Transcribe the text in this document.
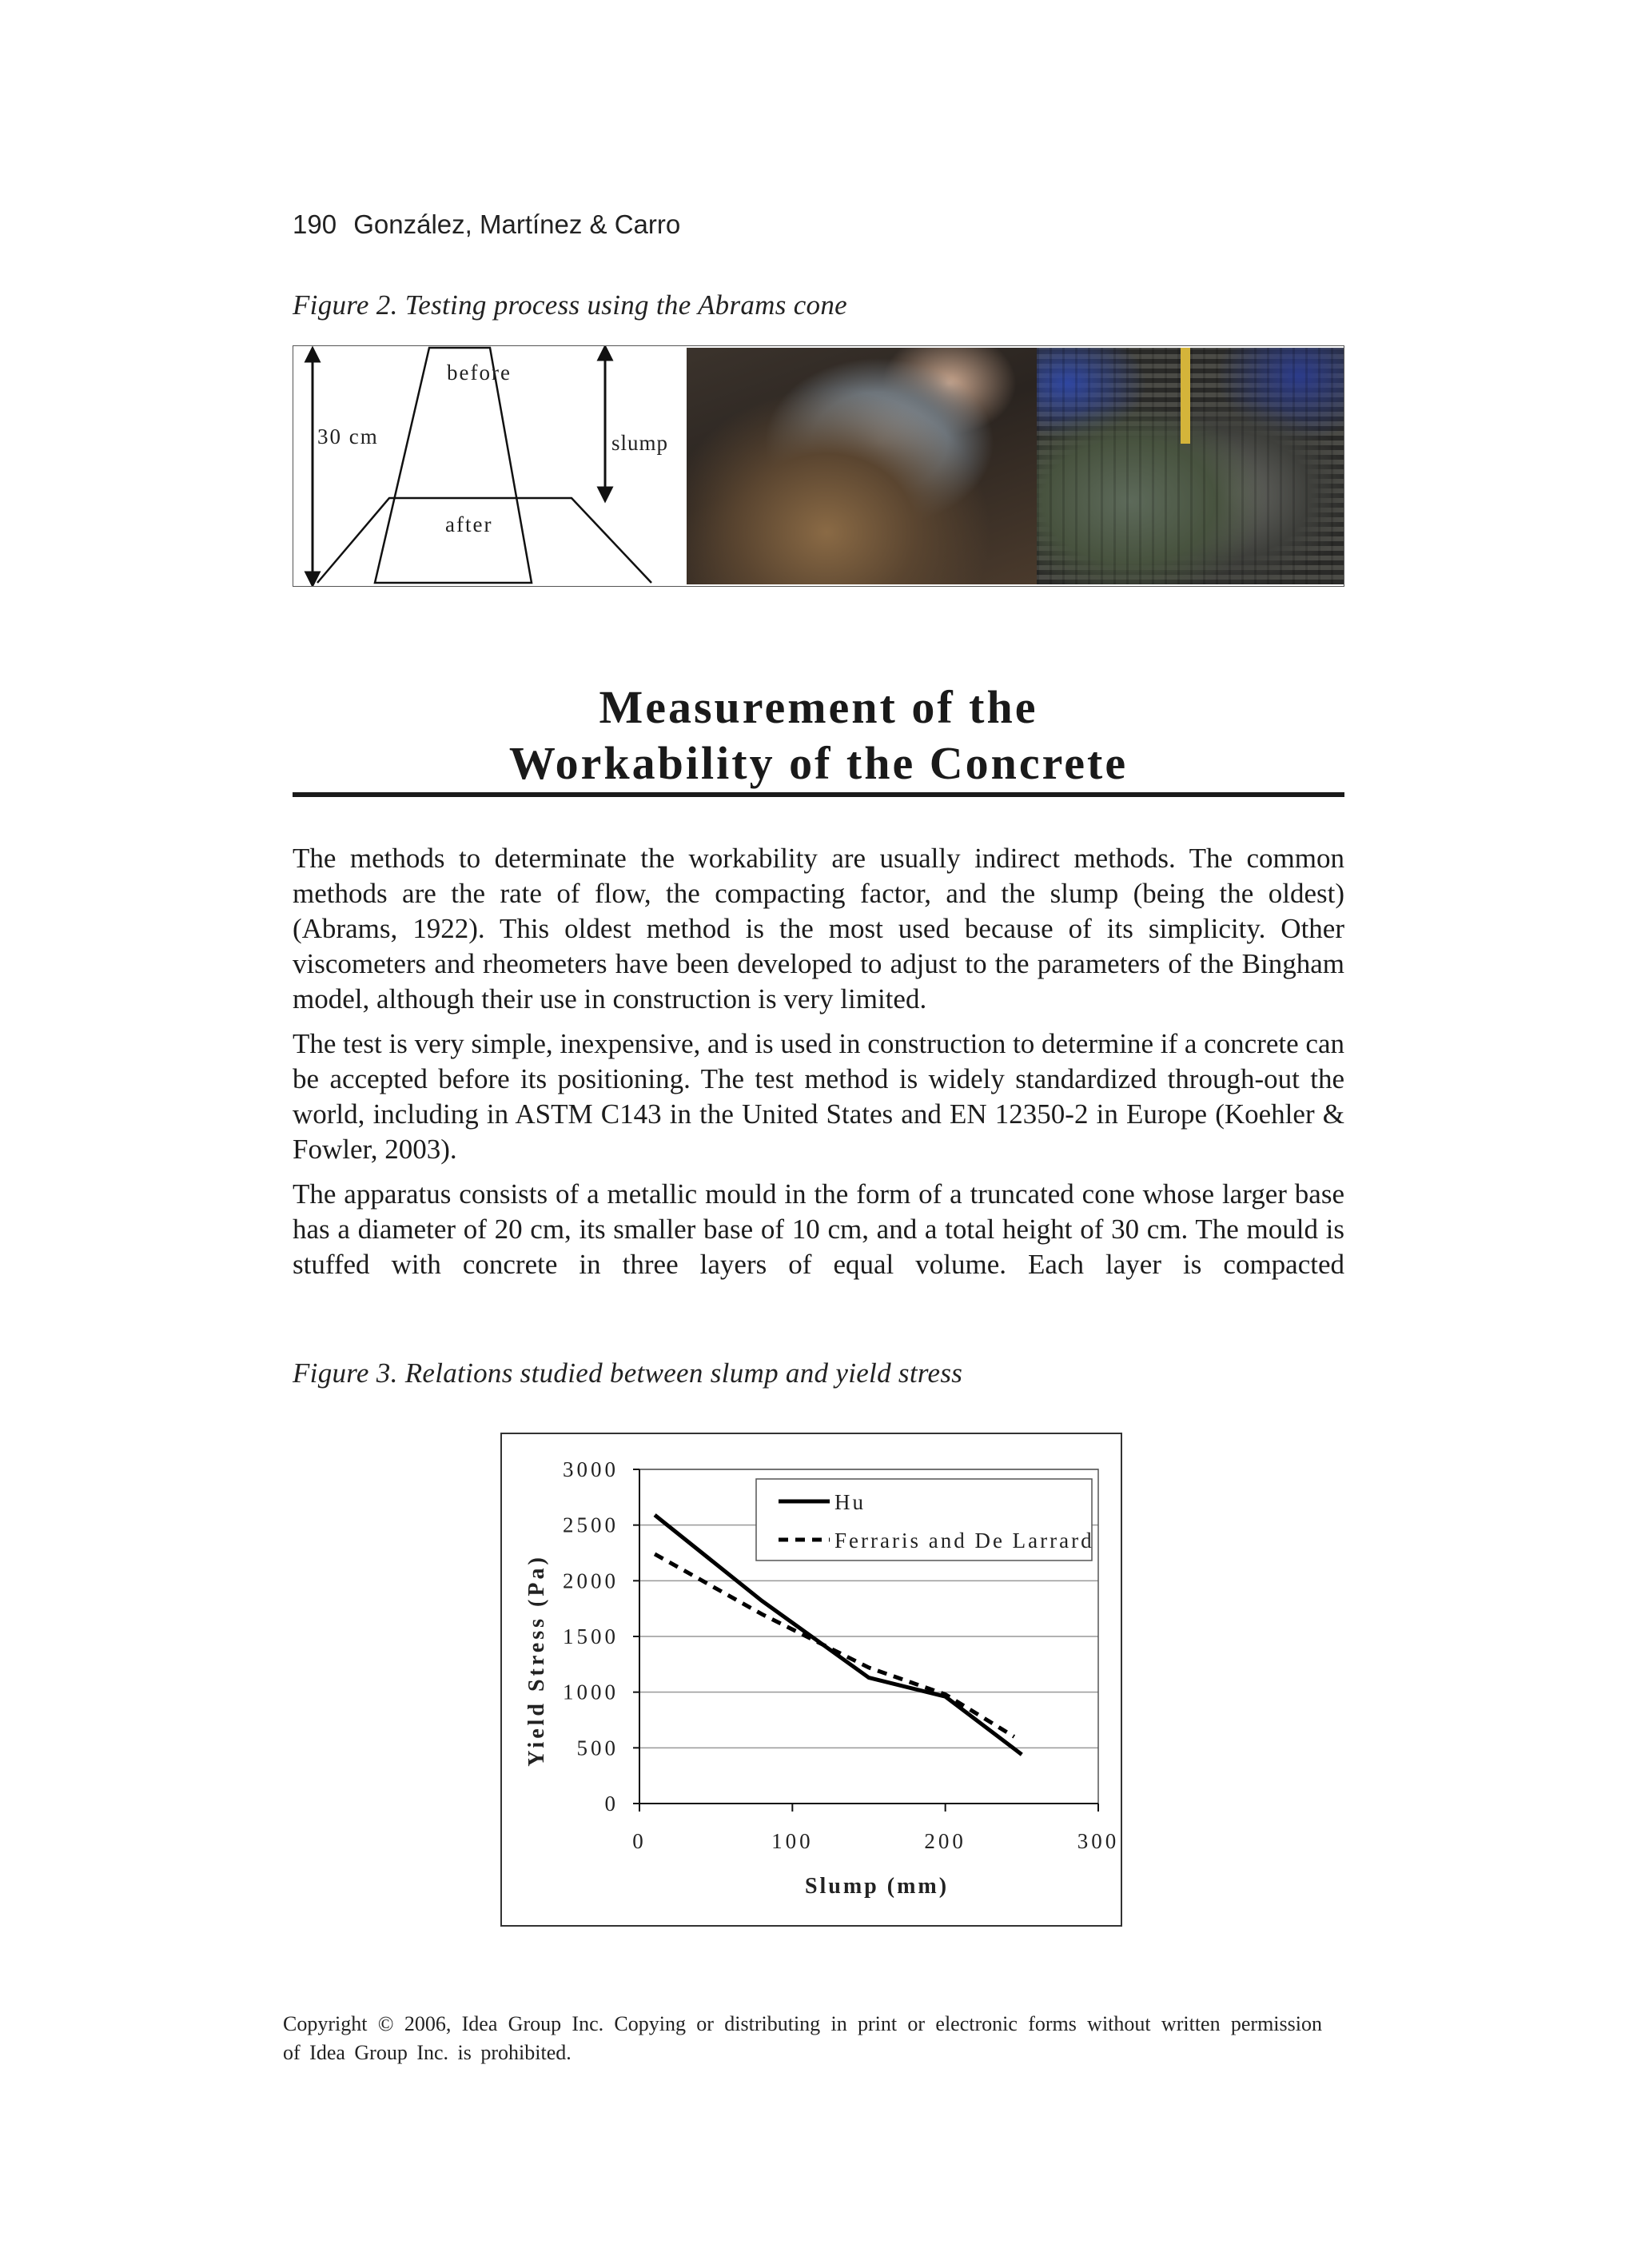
190 González, Martínez & Carro
Figure 2. Testing process using the Abrams cone
before
30 cm	slump
after
Measurement of the
Workability of the Concrete

The methods to determinate the workability are usually indirect methods. The common methods are the rate of flow, the compacting factor, and the slump (being the oldest) (Abrams, 1922). This oldest method is the most used because of its simplicity. Other viscometers and rheometers have been developed to adjust to the parameters of the Bingham model, although their use in construction is very limited.

The test is very simple, inexpensive, and is used in construction to determine if a concrete can be accepted before its positioning. The test method is widely standardized through-out the world, including in ASTM C143 in the United States and EN 12350-2 in Europe (Koehler & Fowler, 2003).

The apparatus consists of a metallic mould in the form of a truncated cone whose larger base has a diameter of 20 cm, its smaller base of 10 cm, and a total height of 30 cm. The mould is stuffed with concrete in three layers of equal volume. Each layer is compacted

Figure 3. Relations studied between slump and yield stress
0
500
1000
1500
2000
2500
3000
0	100	200	300
Slump (mm)
Yield Stress (Pa)
Hu
Ferraris and De Larrard
Copyright © 2006, Idea Group Inc. Copying or distributing in print or electronic forms without written permission of Idea Group Inc. is prohibited.
